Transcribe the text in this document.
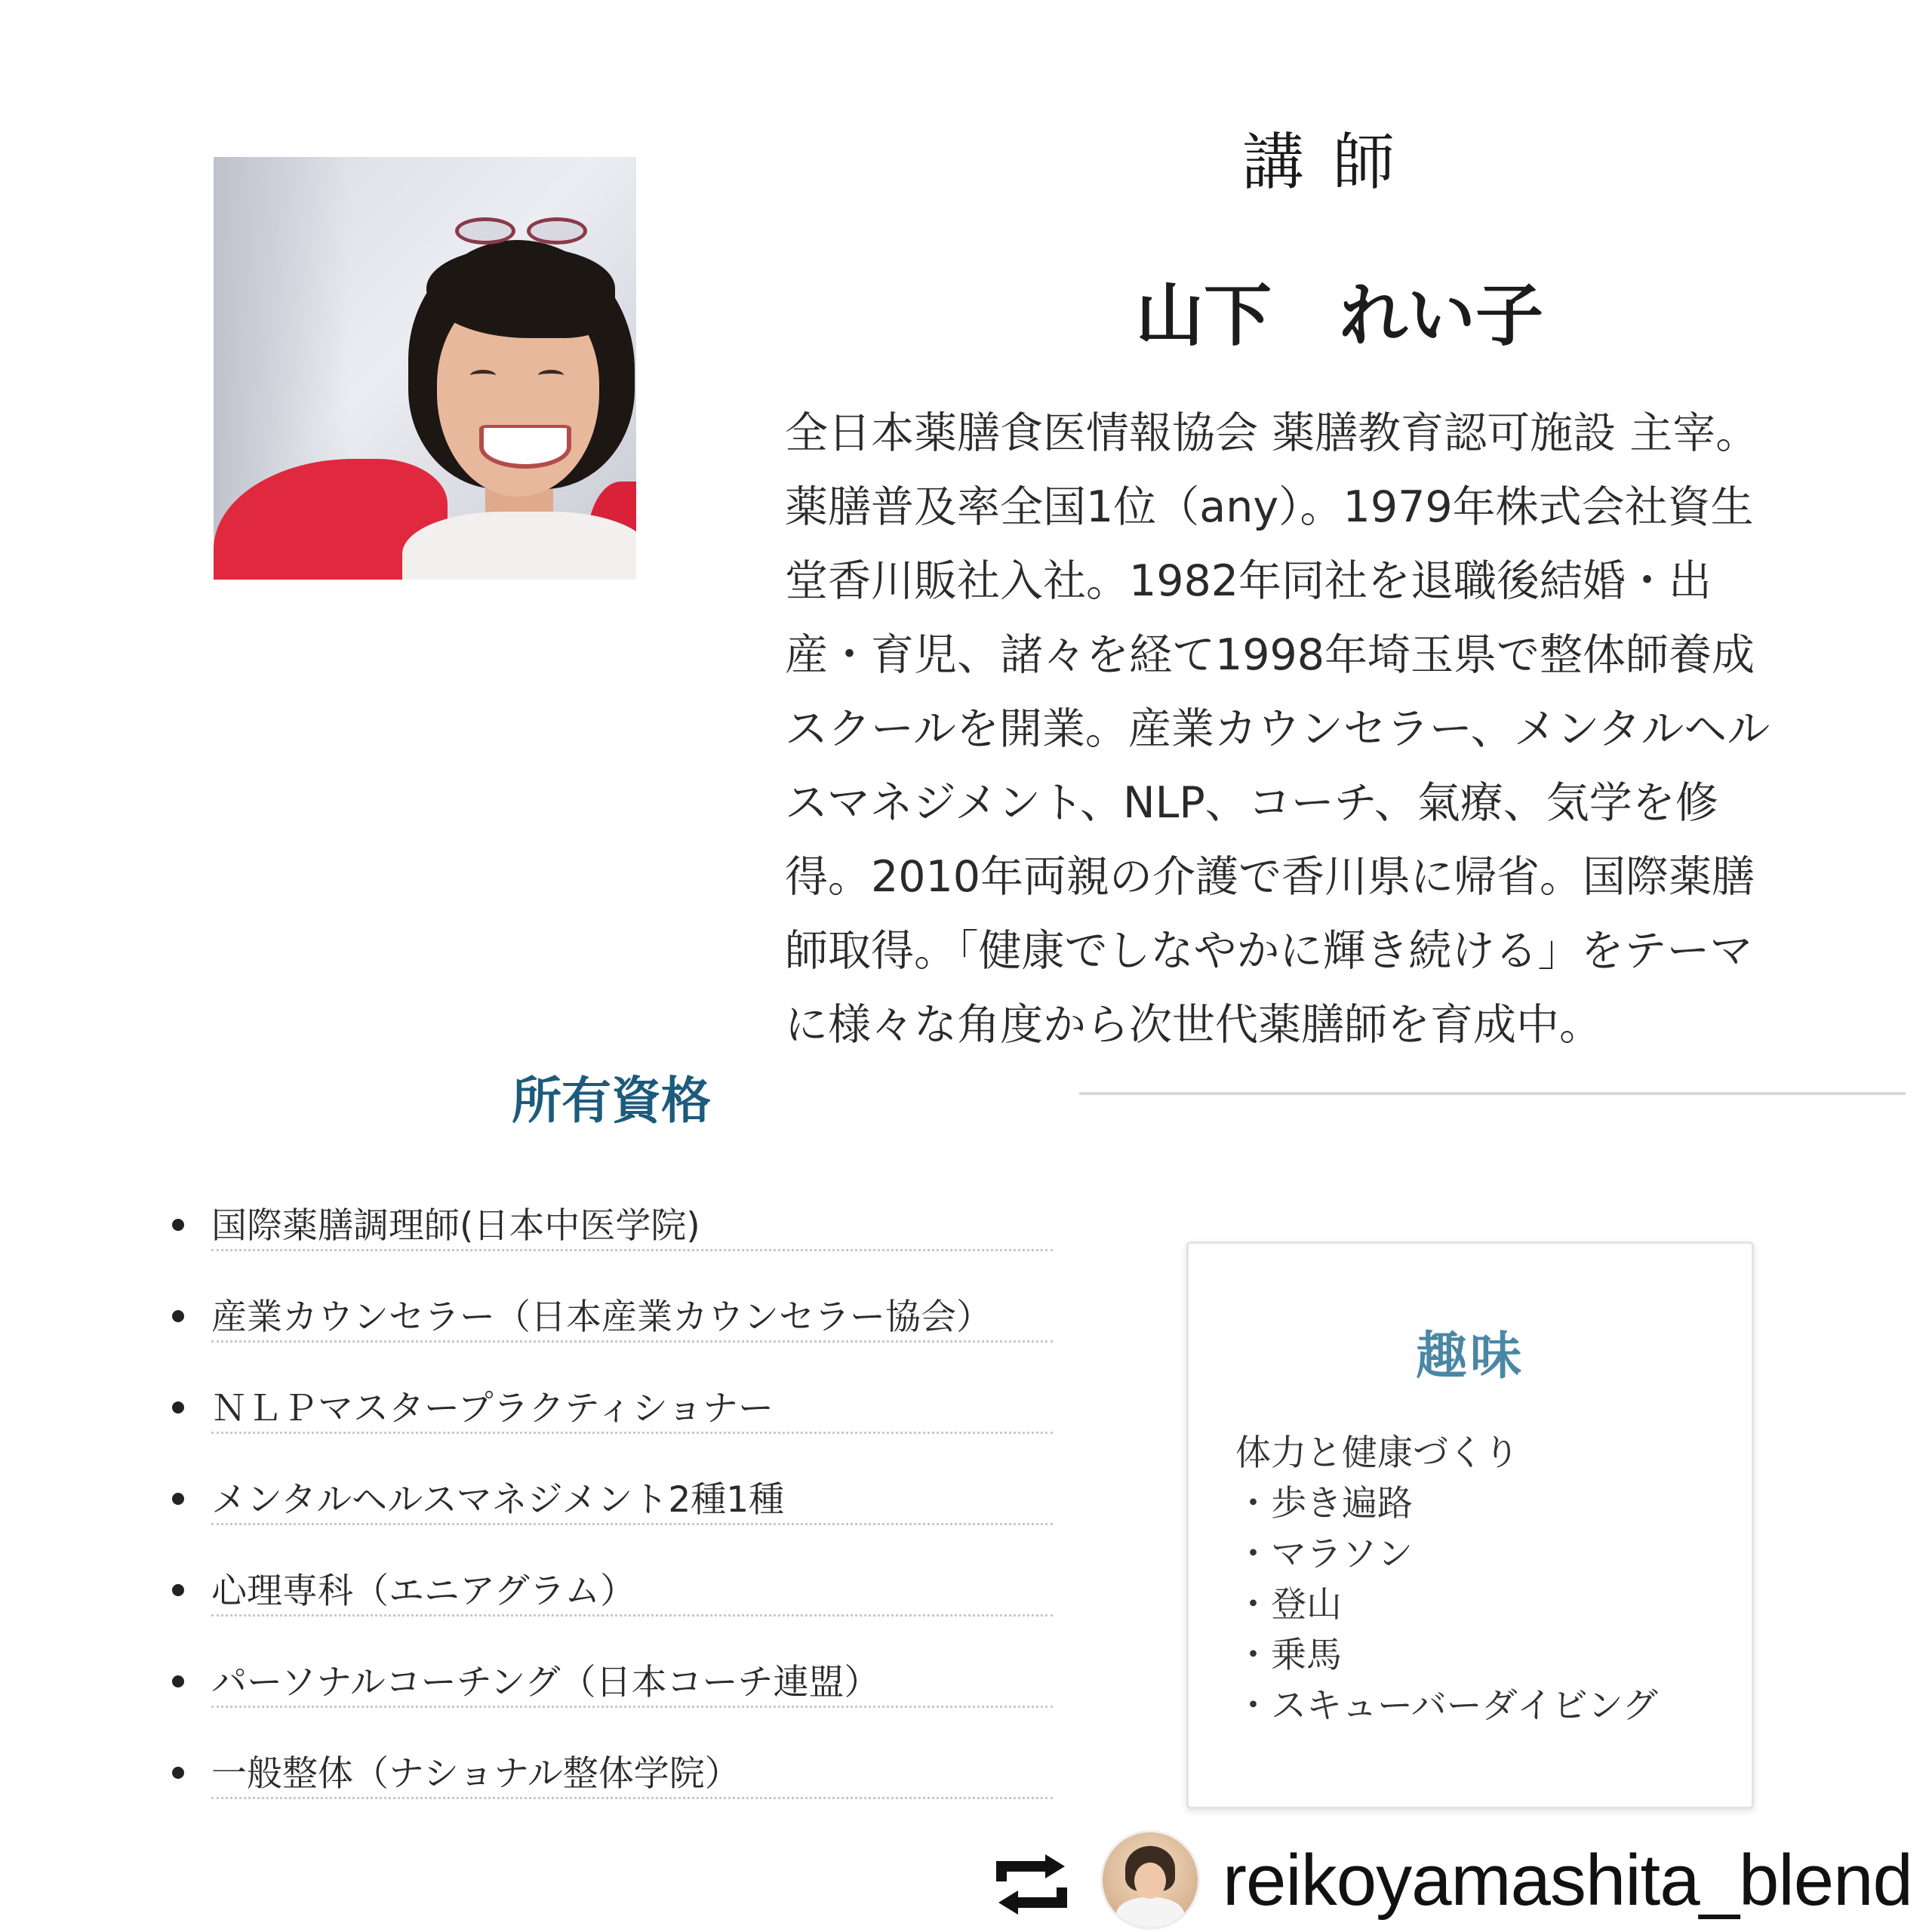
講 師
山下　れい子

全日本薬膳食医情報協会 薬膳教育認可施設 主宰。
薬膳普及率全国1位（any）。1979年株式会社資生
堂香川販社入社。1982年同社を退職後結婚・出
産・育児、諸々を経て1998年埼玉県で整体師養成
スクールを開業。産業カウンセラー、メンタルヘル
スマネジメント、NLP、コーチ、氣療、気学を修
得。2010年両親の介護で香川県に帰省。国際薬膳
師取得。「健康でしなやかに輝き続ける」をテーマ
に様々な角度から次世代薬膳師を育成中。

所有資格
国際薬膳調理師(日本中医学院)
産業カウンセラー（日本産業カウンセラー協会）
ＮＬＰマスタープラクティショナー
メンタルヘルスマネジメント2種1種
心理専科（エニアグラム）
パーソナルコーチング（日本コーチ連盟）
一般整体（ナショナル整体学院）
趣味
体力と健康づくり
・歩き遍路
・マラソン
・登山
・乗馬
・スキューバーダイビング
reikoyamashita_blend
